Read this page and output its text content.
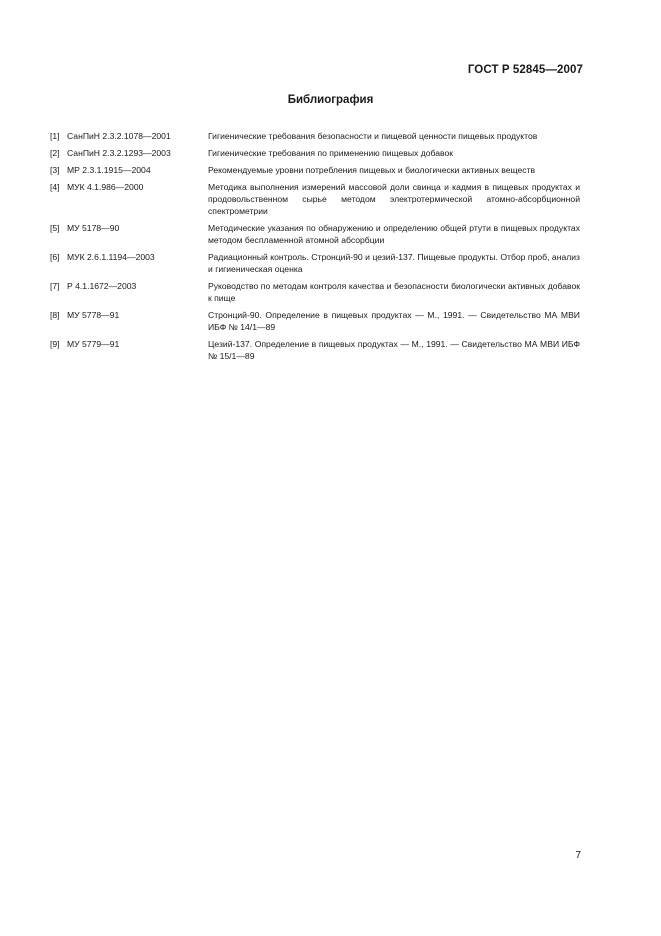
ГОСТ Р 52845—2007
Библиография
[1] СанПиН 2.3.2.1078—2001	Гигиенические требования безопасности и пищевой ценности пищевых продуктов
[2] СанПиН 2.3.2.1293—2003	Гигиенические требования по применению пищевых добавок
[3] МР 2.3.1.1915—2004	Рекомендуемые уровни потребления пищевых и биологически активных веществ
[4] МУК 4.1.986—2000	Методика выполнения измерений массовой доли свинца и кадмия в пищевых продуктах и продовольственном сырье методом электротермической атомно-абсорбционной спектрометрии
[5] МУ 5178—90	Методические указания по обнаружению и определению общей ртути в пищевых продуктах методом беспламенной атомной абсорбции
[6] МУК 2.6.1.1194—2003	Радиационный контроль. Стронций-90 и цезий-137. Пищевые продукты. Отбор проб, анализ и гигиеническая оценка
[7] Р 4.1.1672—2003	Руководство по методам контроля качества и безопасности биологически активных добавок к пище
[8] МУ 5778—91	Стронций-90. Определение в пищевых продуктах — М., 1991. — Свидетельство МА МВИ ИБФ № 14/1—89
[9] МУ 5779—91	Цезий-137. Определение в пищевых продуктах — М., 1991. — Свидетельство МА МВИ ИБФ № 15/1—89
7
